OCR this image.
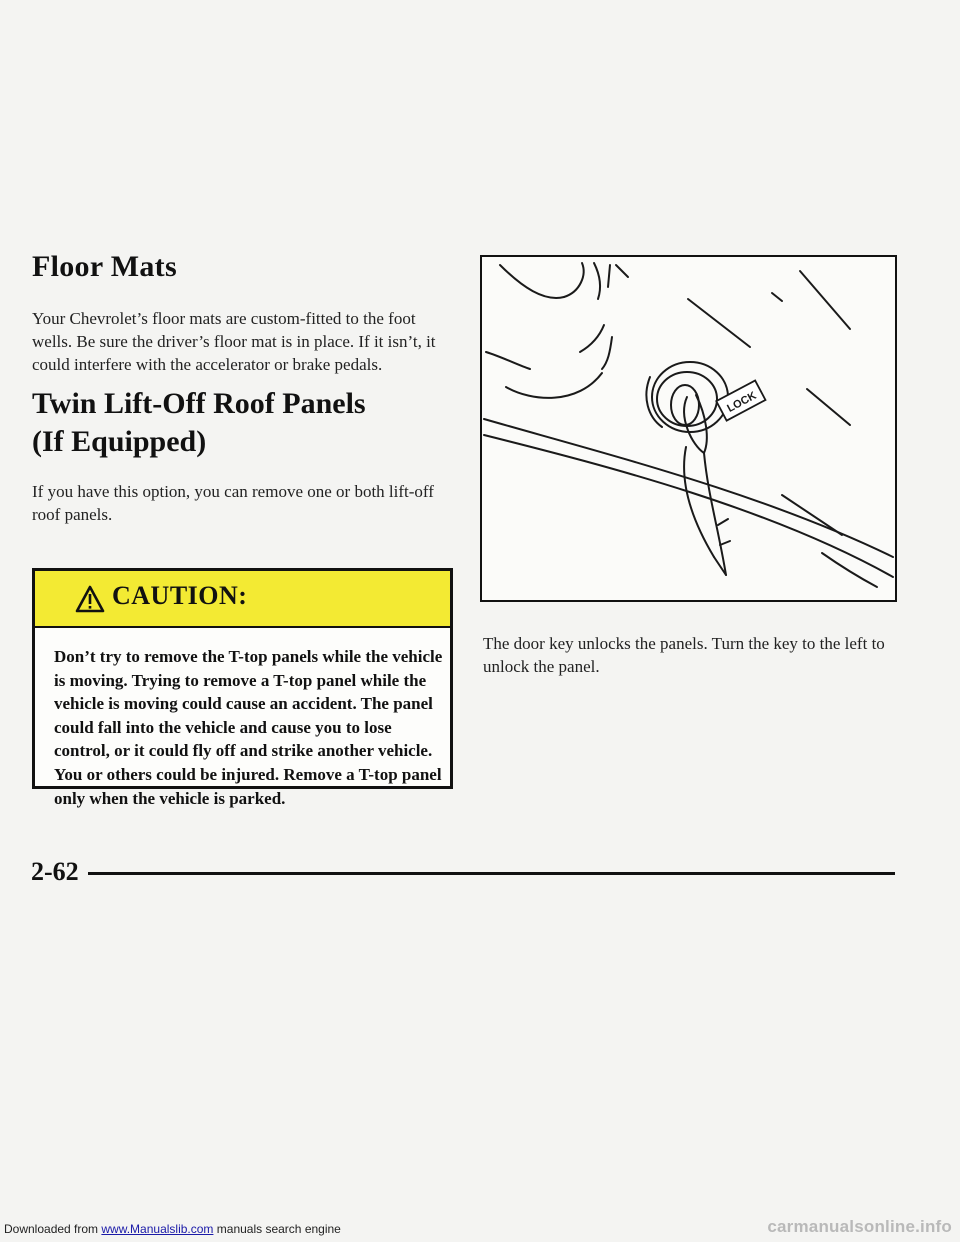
Floor Mats

Your Chevrolet’s floor mats are custom-fitted to the foot wells. Be sure the driver’s floor mat is in place. If it isn’t, it could interfere with the accelerator or brake pedals.

Twin Lift-Off Roof Panels
(If Equipped)

If you have this option, you can remove one or both lift-off roof panels.

CAUTION:

Don’t try to remove the T-top panels while the vehicle is moving. Trying to remove a T-top panel while the vehicle is moving could cause an accident. The panel could fall into the vehicle and cause you to lose control, or it could fly off and strike another vehicle. You or others could be injured. Remove a T-top panel only when the vehicle is parked.

LOCK

The door key unlocks the panels. Turn the key to the left to unlock the panel.

2-62
Downloaded from www.Manualslib.com manuals search engine	carmanualsonline.info
